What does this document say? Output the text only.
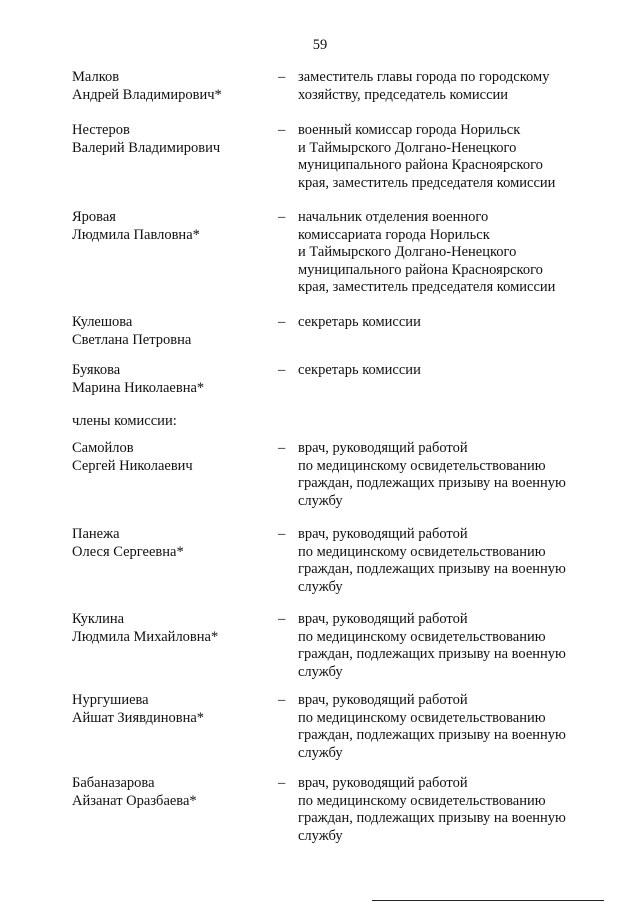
59
Малков
Андрей Владимирович*
– заместитель главы города по городскому
хозяйству, председатель комиссии
Нестеров
Валерий Владимирович
– военный комиссар города Норильск
и Таймырского Долгано-Ненецкого
муниципального района Красноярского
края, заместитель председателя комиссии
Яровая
Людмила Павловна*
– начальник отделения военного
комиссариата города Норильск
и Таймырского Долгано-Ненецкого
муниципального района Красноярского
края, заместитель председателя комиссии
Кулешова
Светлана Петровна
– секретарь комиссии
Буякова
Марина Николаевна*
– секретарь комиссии
члены комиссии:
Самойлов
Сергей Николаевич
– врач, руководящий работой
по медицинскому освидетельствованию
граждан, подлежащих призыву на военную
службу
Панежа
Олеся Сергеевна*
– врач, руководящий работой
по медицинскому освидетельствованию
граждан, подлежащих призыву на военную
службу
Куклина
Людмила Михайловна*
– врач, руководящий работой
по медицинскому освидетельствованию
граждан, подлежащих призыву на военную
службу
Нургушиева
Айшат Зиявдиновна*
– врач, руководящий работой
по медицинскому освидетельствованию
граждан, подлежащих призыву на военную
службу
Бабаназарова
Айзанат Оразбаева*
– врач, руководящий работой
по медицинскому освидетельствованию
граждан, подлежащих призыву на военную
службу
